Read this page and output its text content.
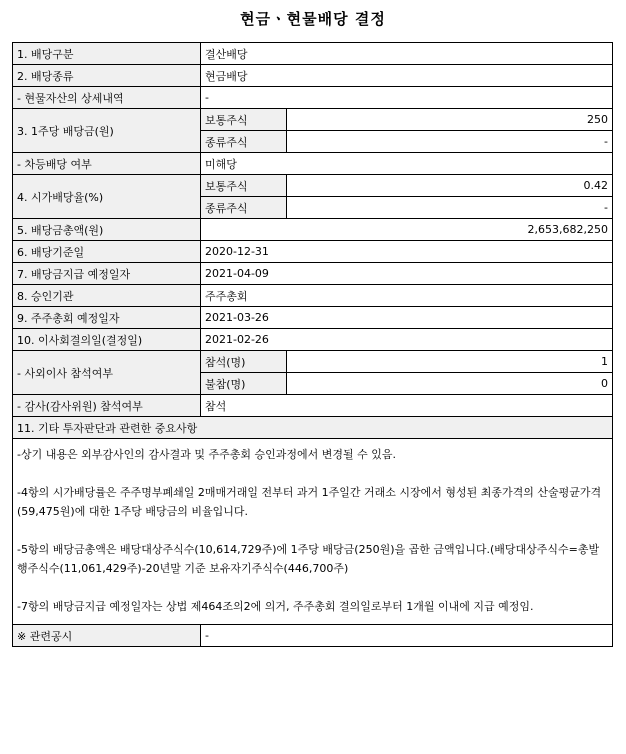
현금ㆍ현물배당 결정
1. 배당구분	결산배당	
2. 배당종류	현금배당	
- 현물자산의 상세내역	-	
3. 1주당 배당금(원)	보통주식	250
	종류주식	-
- 차등배당 여부	미해당	
4. 시가배당율(%)	보통주식	0.42
	종류주식	-
5. 배당금총액(원)	2,653,682,250	
6. 배당기준일	2020-12-31	
7. 배당금지급 예정일자	2021-04-09	
8. 승인기관	주주총회	
9. 주주총회 예정일자	2021-03-26	
10. 이사회결의일(결정일)	2021-02-26	
- 사외이사 참석여부	참석(명)	1
	불참(명)	0
- 감사(감사위원) 참석여부	참석	
11. 기타 투자판단과 관련한 중요사항		

-상기 내용은 외부감사인의 감사결과 및 주주총회 승인과정에서 변경될 수 있음.

-4항의 시가배당률은 주주명부폐쇄일 2매매거래일 전부터 과거 1주일간 거래소 시장에서 형성된 최종가격의 산술평균가격(59,475원)에 대한 1주당 배당금의 비율입니다.

-5항의 배당금총액은 배당대상주식수(10,614,729주)에 1주당 배당금(250원)을 곱한 금액입니다.(배당대상주식수=총발행주식수(11,061,429주)-20년말 기준 보유자기주식수(446,700주)

-7항의 배당금지급 예정일자는 상법 제464조의2에 의거, 주주총회 결의일로부터 1개월 이내에 지급 예정임.		

※ 관련공시	-	
